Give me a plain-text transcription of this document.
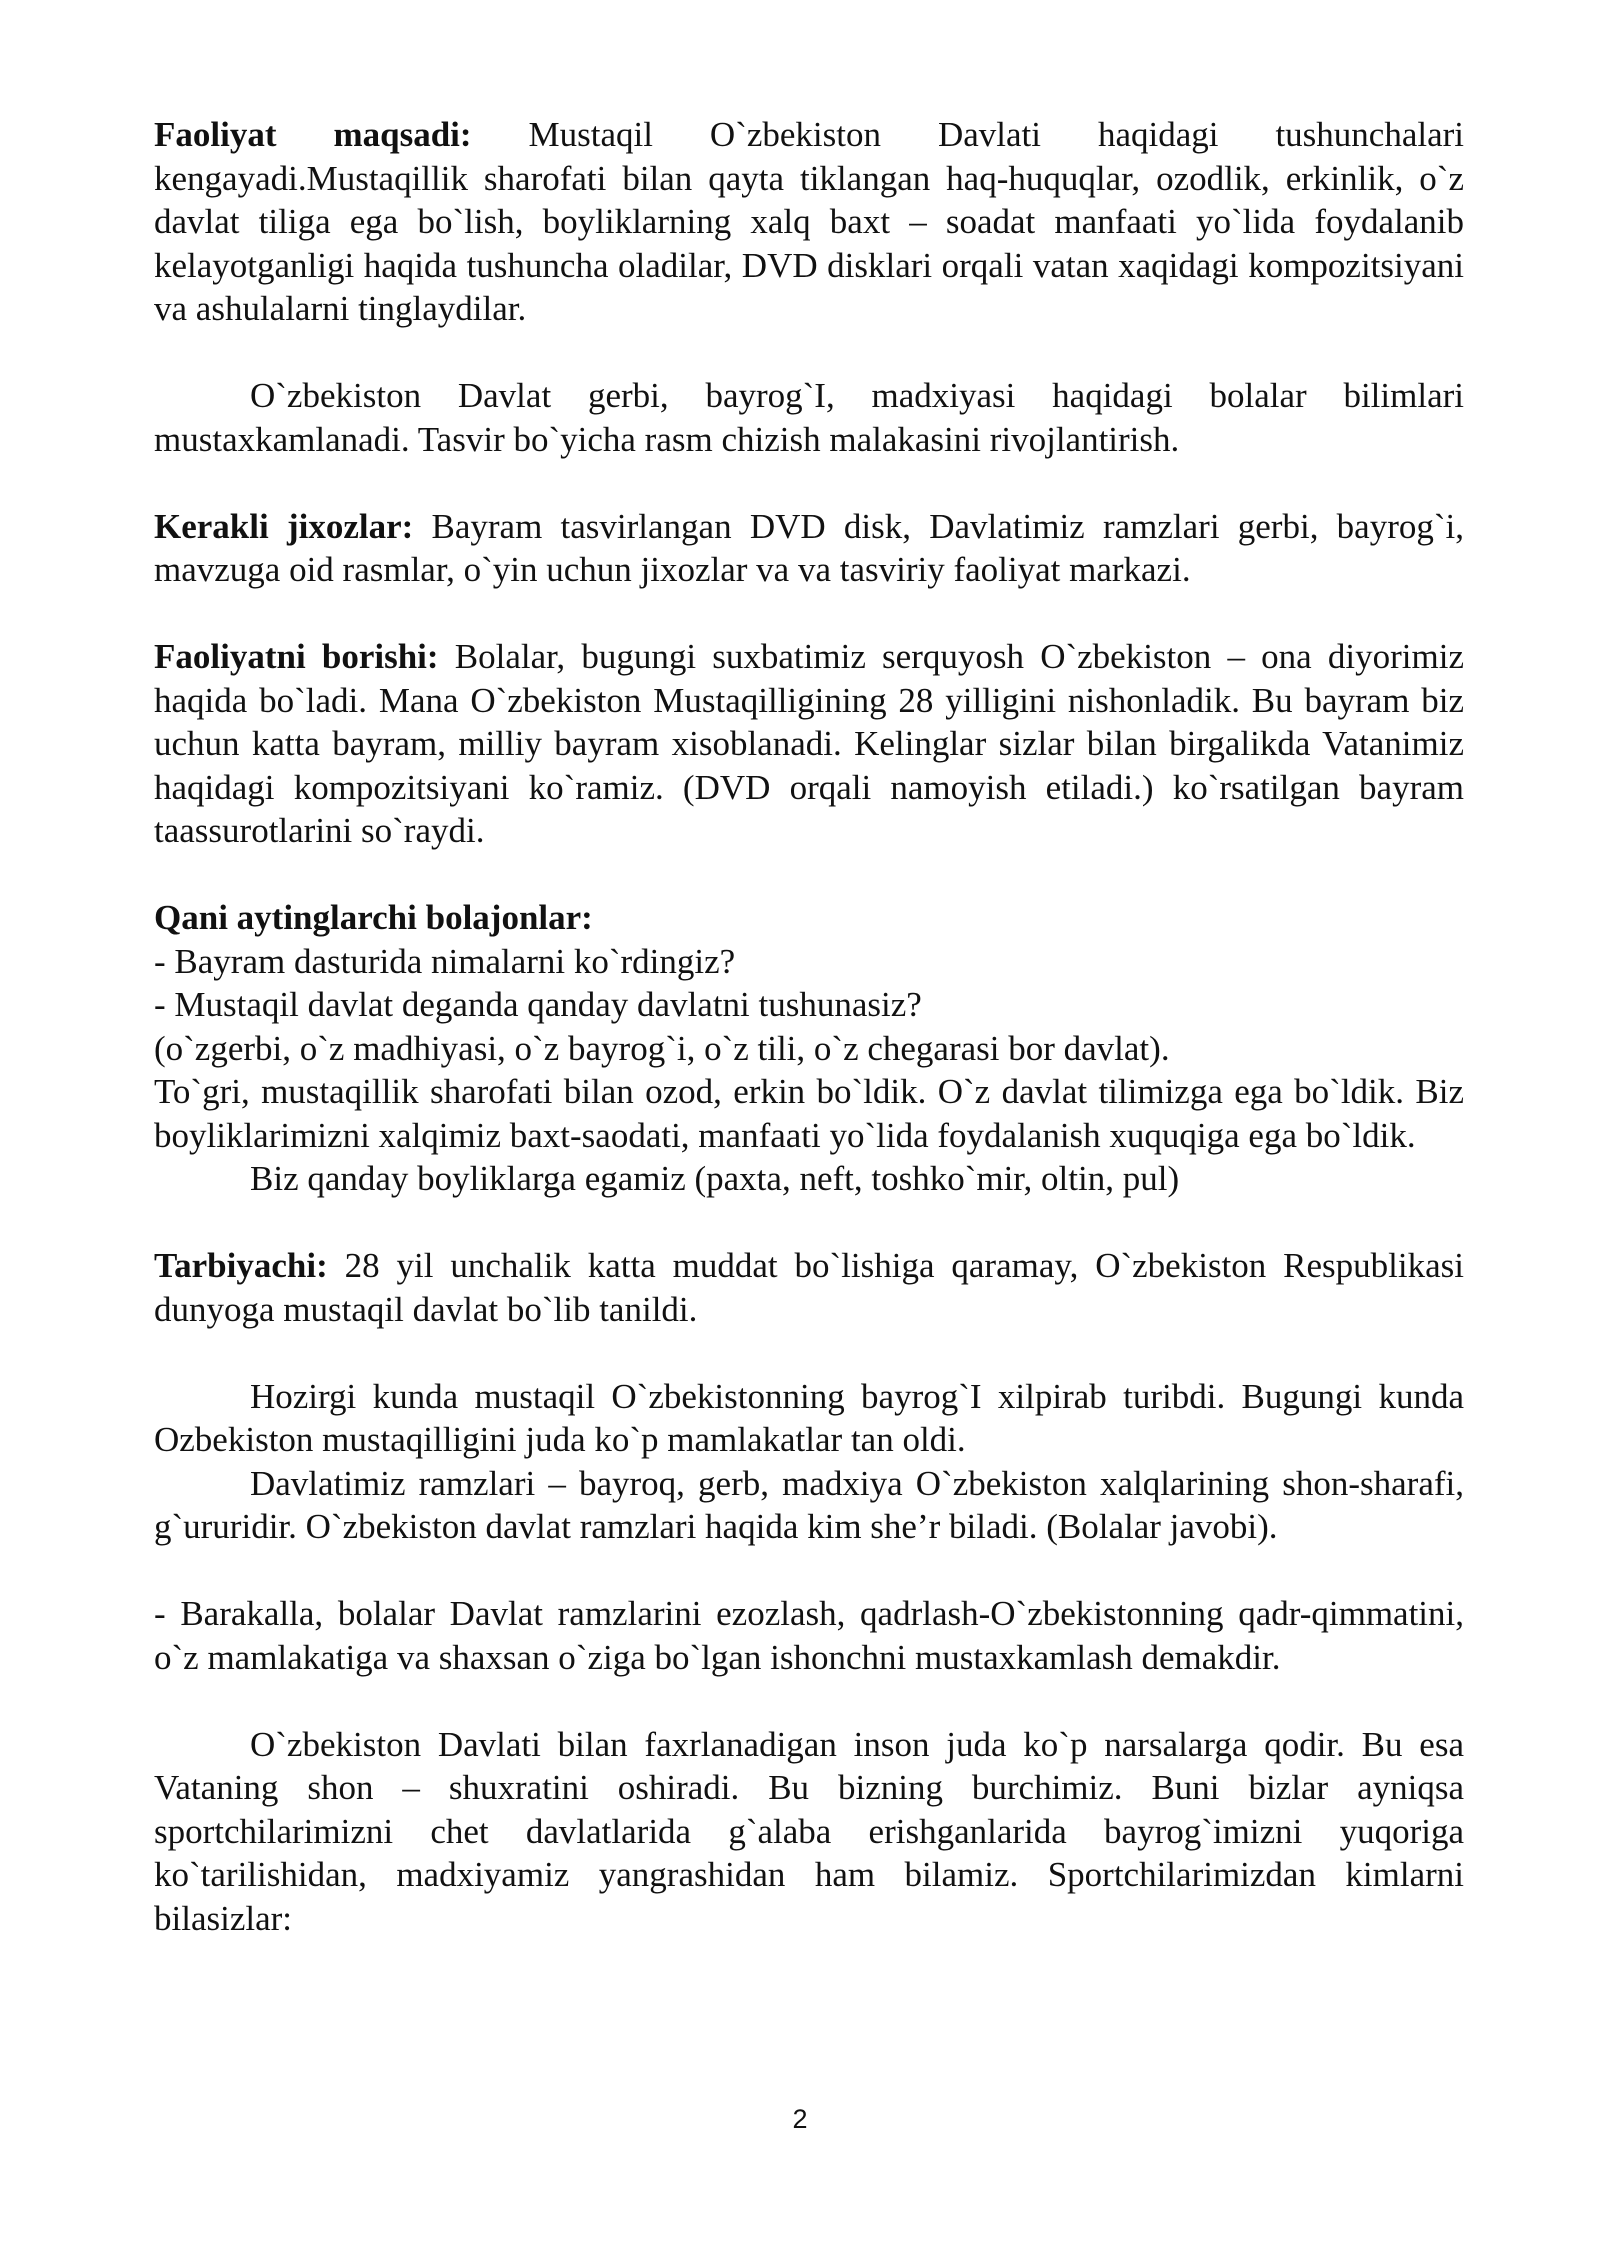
Faoliyat maqsadi: Mustaqil O`zbekiston Davlati haqidagi tushunchalari kengayadi.Mustaqillik sharofati bilan qayta tiklangan haq-huquqlar, ozodlik, erkinlik, o`z davlat tiliga ega bo`lish, boyliklarning xalq baxt – soadat manfaati yo`lida foydalanib kelayotganligi haqida tushuncha oladilar, DVD disklari orqali vatan xaqidagi kompozitsiyani va ashulalarni tinglaydilar.

O`zbekiston Davlat gerbi, bayrog`I, madxiyasi haqidagi bolalar bilimlari mustaxkamlanadi. Tasvir bo`yicha rasm chizish malakasini rivojlantirish.

Kerakli jixozlar: Bayram tasvirlangan DVD disk, Davlatimiz ramzlari gerbi, bayrog`i, mavzuga oid rasmlar, o`yin uchun jixozlar va va tasviriy faoliyat markazi.

Faoliyatni borishi: Bolalar, bugungi suxbatimiz serquyosh O`zbekiston – ona diyorimiz haqida bo`ladi. Mana O`zbekiston Mustaqilligining 28 yilligini nishonladik. Bu bayram biz uchun katta bayram, milliy bayram xisoblanadi. Kelinglar sizlar bilan birgalikda Vatanimiz haqidagi kompozitsiyani ko`ramiz. (DVD orqali namoyish etiladi.) ko`rsatilgan bayram taassurotlarini so`raydi.

Qani aytinglarchi bolajonlar:

- Bayram dasturida nimalarni ko`rdingiz?

- Mustaqil davlat deganda qanday davlatni tushunasiz?

(o`zgerbi, o`z madhiyasi, o`z bayrog`i, o`z tili, o`z chegarasi bor davlat).

To`gri, mustaqillik sharofati bilan ozod, erkin bo`ldik. O`z davlat tilimizga ega bo`ldik. Biz boyliklarimizni xalqimiz baxt-saodati, manfaati yo`lida foydalanish xuquqiga ega bo`ldik.

Biz qanday boyliklarga egamiz (paxta, neft, toshko`mir, oltin, pul)

Tarbiyachi: 28 yil unchalik katta muddat bo`lishiga qaramay, O`zbekiston Respublikasi dunyoga mustaqil davlat bo`lib tanildi.

Hozirgi kunda mustaqil O`zbekistonning bayrog`I xilpirab turibdi. Bugungi kunda Ozbekiston mustaqilligini juda ko`p mamlakatlar tan oldi.

Davlatimiz ramzlari – bayroq, gerb, madxiya O`zbekiston xalqlarining shon-sharafi, g`ururidir. O`zbekiston davlat ramzlari haqida kim she’r biladi. (Bolalar javobi).

- Barakalla, bolalar Davlat ramzlarini ezozlash, qadrlash-O`zbekistonning qadr-qimmatini, o`z mamlakatiga va shaxsan o`ziga bo`lgan ishonchni mustaxkamlash demakdir.

O`zbekiston Davlati bilan faxrlanadigan inson juda ko`p narsalarga qodir. Bu esa Vataning shon – shuxratini oshiradi. Bu bizning burchimiz. Buni bizlar ayniqsa sportchilarimizni chet davlatlarida g`alaba erishganlarida bayrog`imizni yuqoriga ko`tarilishidan, madxiyamiz yangrashidan ham bilamiz. Sportchilarimizdan kimlarni bilasizlar:

2
